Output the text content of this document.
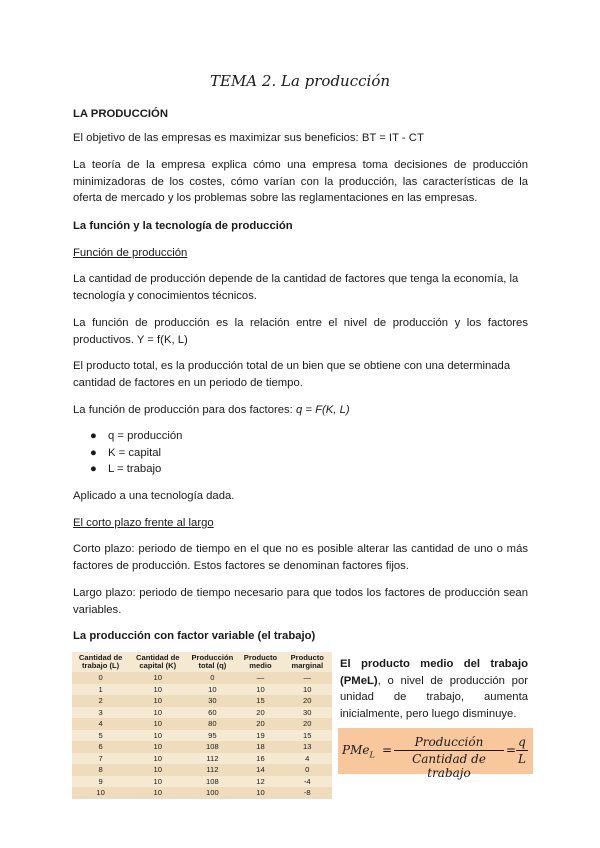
TEMA 2. La producción

LA PRODUCCIÓN

El objetivo de las empresas es maximizar sus beneficios: BT = IT - CT

La teoría de la empresa explica cómo una empresa toma decisiones de producción minimizadoras de los costes, cómo varían con la producción, las características de la oferta de mercado y los problemas sobre las reglamentaciones en las empresas.

La función y la tecnología de producción

Función de producción

La cantidad de producción depende de la cantidad de factores que tenga la economía, la tecnología y conocimientos técnicos.

La función de producción es la relación entre el nivel de producción y los factores productivos. Y = f(K, L)

El producto total, es la producción total de un bien que se obtiene con una determinada cantidad de factores en un periodo de tiempo.

La función de producción para dos factores: q = F(K, L)

● q = producción
● K = capital
● L = trabajo

Aplicado a una tecnología dada.

El corto plazo frente al largo

Corto plazo: periodo de tiempo en el que no es posible alterar las cantidad de uno o más factores de producción. Estos factores se denominan factores fijos.

Largo plazo: periodo de tiempo necesario para que todos los factores de producción sean variables.

La producción con factor variable (el trabajo)

Cantidad de trabajo (L)	Cantidad de capital (K)	Producción total (q)	Producto medio	Producto marginal
0	10	0	—	—
1	10	10	10	10
2	10	30	15	20
3	10	60	20	30
4	10	80	20	20
5	10	95	19	15
6	10	108	18	13
7	10	112	16	4
8	10	112	14	0
9	10	108	12	-4
10	10	100	10	-8

El producto medio del trabajo (PMeL), o nivel de producción por unidad de trabajo, aumenta inicialmente, pero luego disminuye.

PMe$_L$ =
Producción
Cantidad de trabajo
= $\frac{q}{L}$
